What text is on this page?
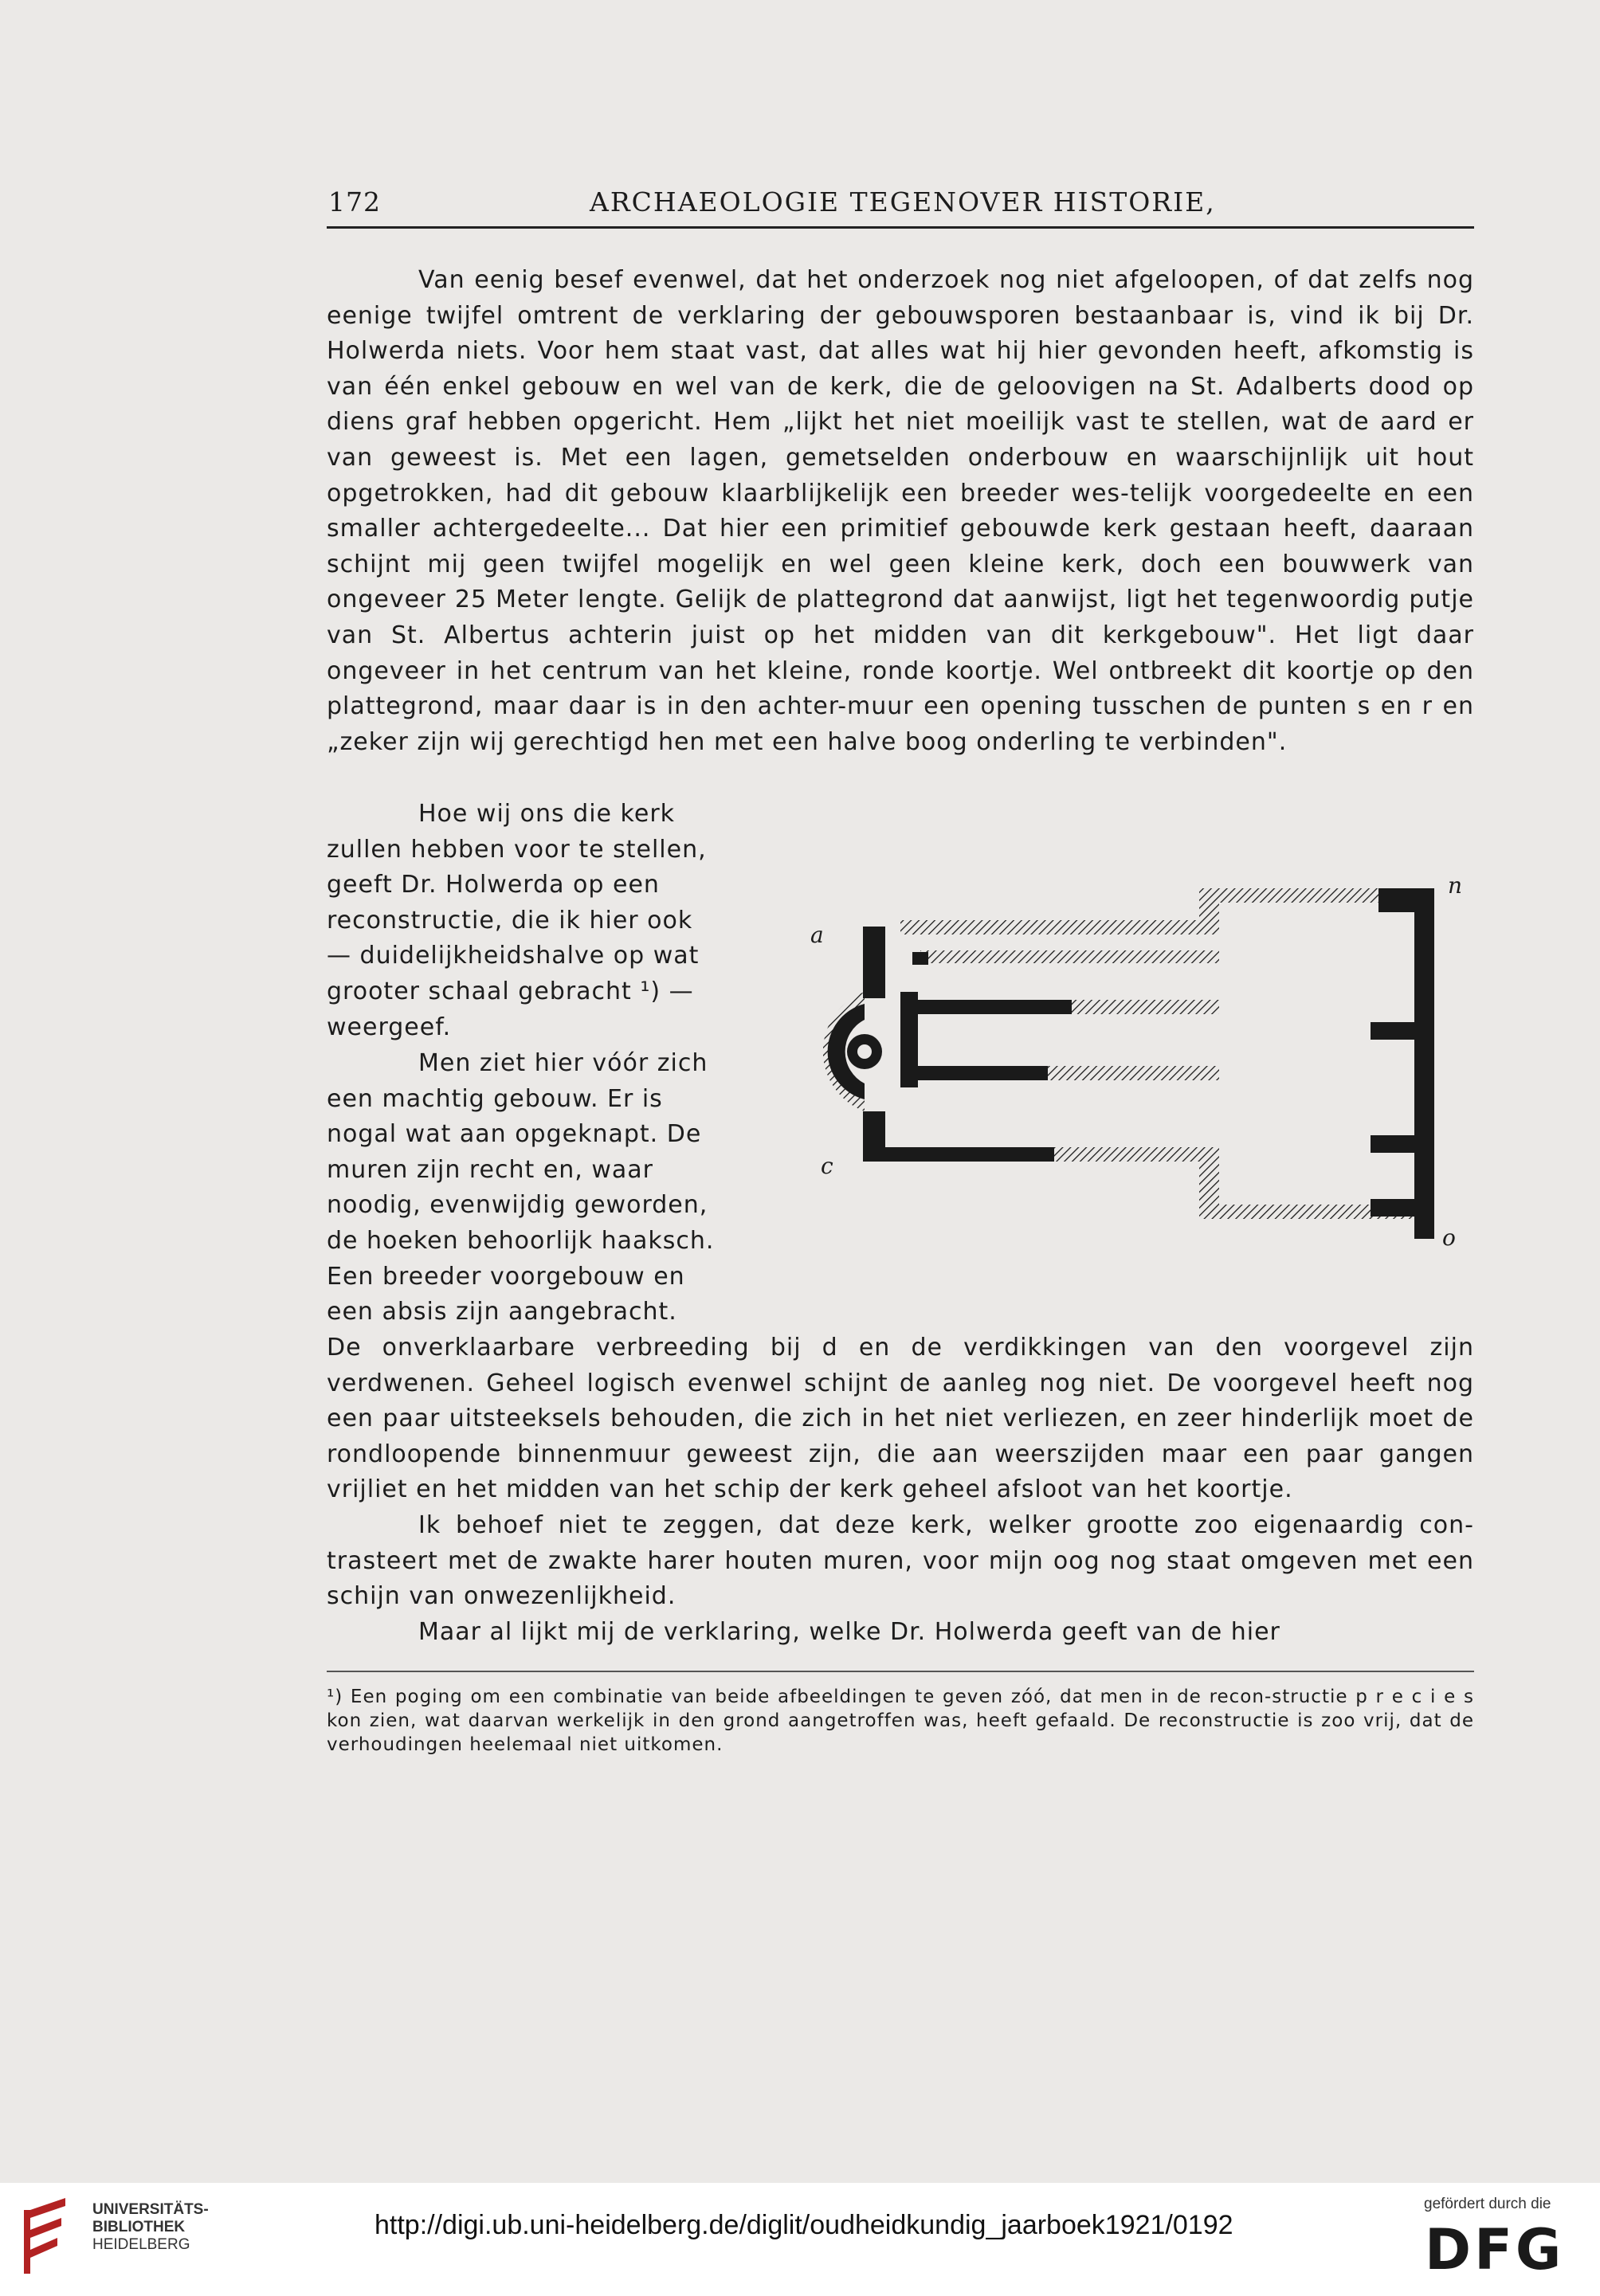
172	ARCHAEOLOGIE TEGENOVER HISTORIE,

Van eenig besef evenwel, dat het onderzoek nog niet afgeloopen, of dat zelfs nog eenige twijfel omtrent de verklaring der gebouwsporen bestaanbaar is, vind ik bij Dr. Holwerda niets. Voor hem staat vast, dat alles wat hij hier gevonden heeft, afkomstig is van één enkel gebouw en wel van de kerk, die de geloovigen na St. Adalberts dood op diens graf hebben opgericht. Hem „lijkt het niet moeilijk vast te stellen, wat de aard er van geweest is. Met een lagen, gemetselden onderbouw en waarschijnlijk uit hout opgetrokken, had dit gebouw klaarblijkelijk een breeder wes-telijk voorgedeelte en een smaller achtergedeelte... Dat hier een primitief gebouwde kerk gestaan heeft, daaraan schijnt mij geen twijfel mogelijk en wel geen kleine kerk, doch een bouwwerk van ongeveer 25 Meter lengte. Gelijk de plattegrond dat aanwijst, ligt het tegenwoordig putje van St. Albertus achterin juist op het midden van dit kerkgebouw". Het ligt daar ongeveer in het centrum van het kleine, ronde koortje. Wel ontbreekt dit koortje op den plattegrond, maar daar is in den achter-muur een opening tusschen de punten s en r en „zeker zijn wij gerechtigd hen met een halve boog onderling te verbinden".

Hoe wij ons die kerk
zullen hebben voor te stellen,
geeft Dr. Holwerda op een
reconstructie, die ik hier ook
— duidelijkheidshalve op wat
grooter schaal gebracht ¹) —
weergeef.
Men ziet hier vóór zich
een machtig gebouw. Er is
nogal wat aan opgeknapt. De
muren zijn recht en, waar
noodig, evenwijdig geworden,
de hoeken behoorlijk haaksch.
Een breeder voorgebouw en
een absis zijn aangebracht.

De onverklaarbare verbreeding bij d en de verdikkingen van den voorgevel zijn verdwenen. Geheel logisch evenwel schijnt de aanleg nog niet. De voorgevel heeft nog een paar uitsteeksels behouden, die zich in het niet verliezen, en zeer hinderlijk moet de rondloopende binnenmuur geweest zijn, die aan weerszijden maar een paar gangen vrijliet en het midden van het schip der kerk geheel afsloot van het koortje.

Ik behoef niet te zeggen, dat deze kerk, welker grootte zoo eigenaardig con-trasteert met de zwakte harer houten muren, voor mijn oog nog staat omgeven met een schijn van onwezenlijkheid.

Maar al lijkt mij de verklaring, welke Dr. Holwerda geeft van de hier

a
c
n
o
¹) Een poging om een combinatie van beide afbeeldingen te geven zóó, dat men in de recon-structie p r e c i e s kon zien, wat daarvan werkelijk in den grond aangetroffen was, heeft gefaald. De reconstructie is zoo vrij, dat de verhoudingen heelemaal niet uitkomen.
UNIVERSITÄTS-
BIBLIOTHEK
HEIDELBERG
http://digi.ub.uni-heidelberg.de/diglit/oudheidkundig_jaarboek1921/0192
gefördert durch die
DFG
